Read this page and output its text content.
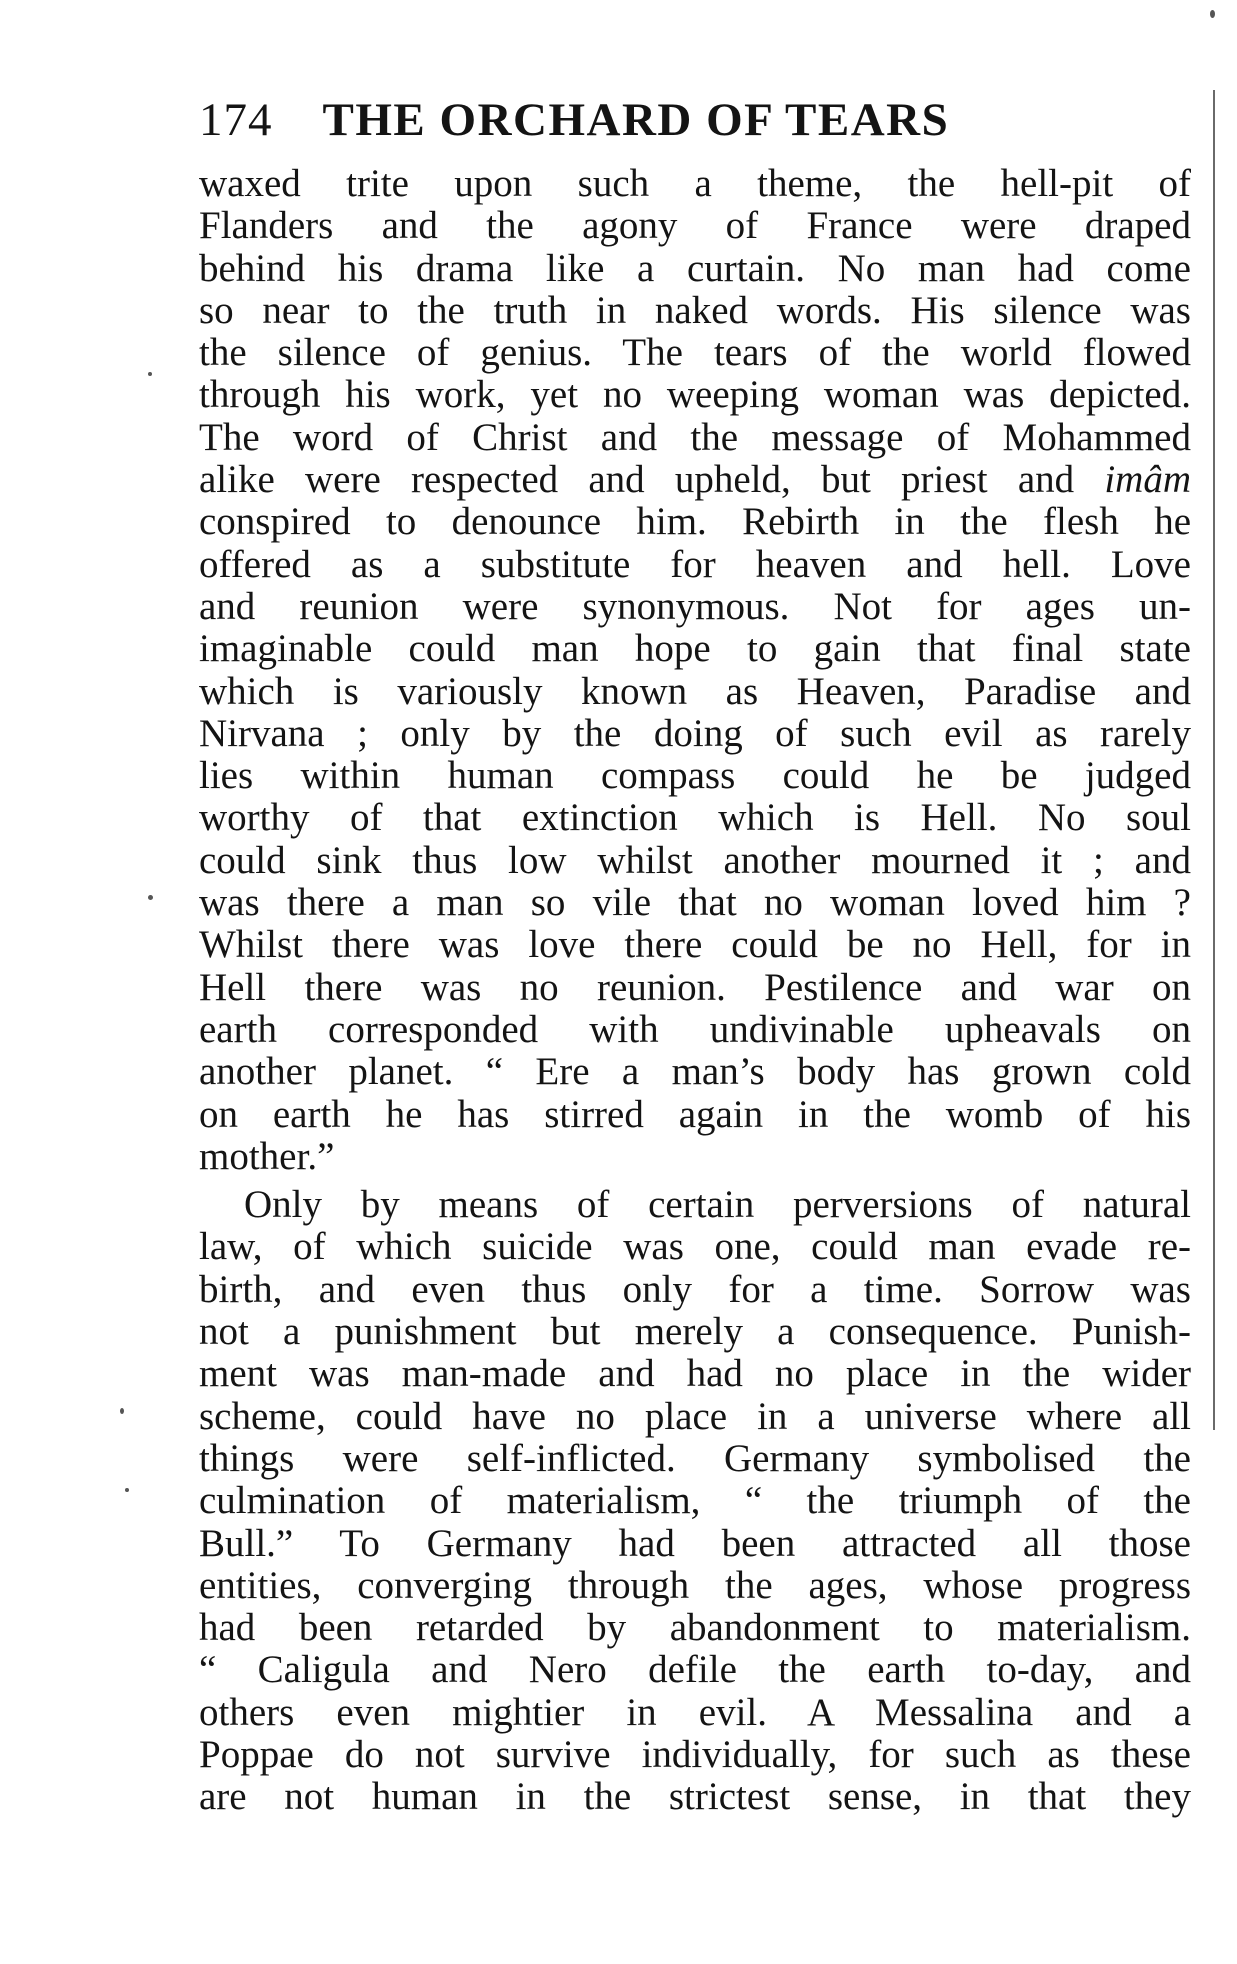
174 THE ORCHARD OF TEARS
waxed trite upon such a theme, the hell-pit of
Flanders and the agony of France were draped
behind his drama like a curtain. No man had come
so near to the truth in naked words. His silence was
the silence of genius. The tears of the world flowed
through his work, yet no weeping woman was depicted.
The word of Christ and the message of Mohammed
alike were respected and upheld, but priest and imâm
conspired to denounce him. Rebirth in the flesh he
offered as a substitute for heaven and hell. Love
and reunion were synonymous. Not for ages un-
imaginable could man hope to gain that final state
which is variously known as Heaven, Paradise and
Nirvana ; only by the doing of such evil as rarely
lies within human compass could he be judged
worthy of that extinction which is Hell. No soul
could sink thus low whilst another mourned it ; and
was there a man so vile that no woman loved him ?
Whilst there was love there could be no Hell, for in
Hell there was no reunion. Pestilence and war on
earth corresponded with undivinable upheavals on
another planet. “ Ere a man’s body has grown cold
on earth he has stirred again in the womb of his
mother.”
Only by means of certain perversions of natural
law, of which suicide was one, could man evade re-
birth, and even thus only for a time. Sorrow was
not a punishment but merely a consequence. Punish-
ment was man-made and had no place in the wider
scheme, could have no place in a universe where all
things were self-inflicted. Germany symbolised the
culmination of materialism, “ the triumph of the
Bull.” To Germany had been attracted all those
entities, converging through the ages, whose progress
had been retarded by abandonment to materialism.
“ Caligula and Nero defile the earth to-day, and
others even mightier in evil. A Messalina and a
Poppae do not survive individually, for such as these
are not human in the strictest sense, in that they
